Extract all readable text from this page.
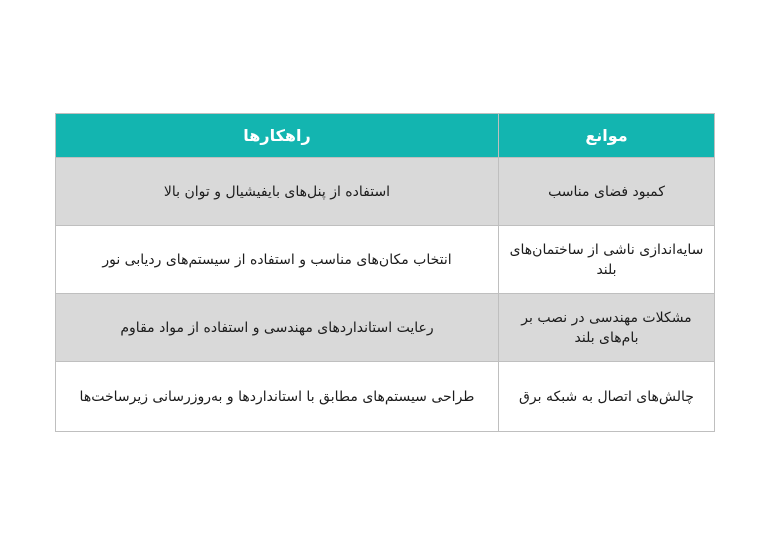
موانع	راهکارها
کمبود فضای مناسب	استفاده از پنل‌های بایفیشیال و توان بالا
سایه‌اندازی ناشی از ساختمان‌های بلند	انتخاب مکان‌های مناسب و استفاده از سیستم‌های ردیابی نور
مشکلات مهندسی در نصب بر بام‌های بلند	رعایت استانداردهای مهندسی و استفاده از مواد مقاوم
چالش‌های اتصال به شبکه برق	طراحی سیستم‌های مطابق با استانداردها و به‌روزرسانی زیرساخت‌ها
